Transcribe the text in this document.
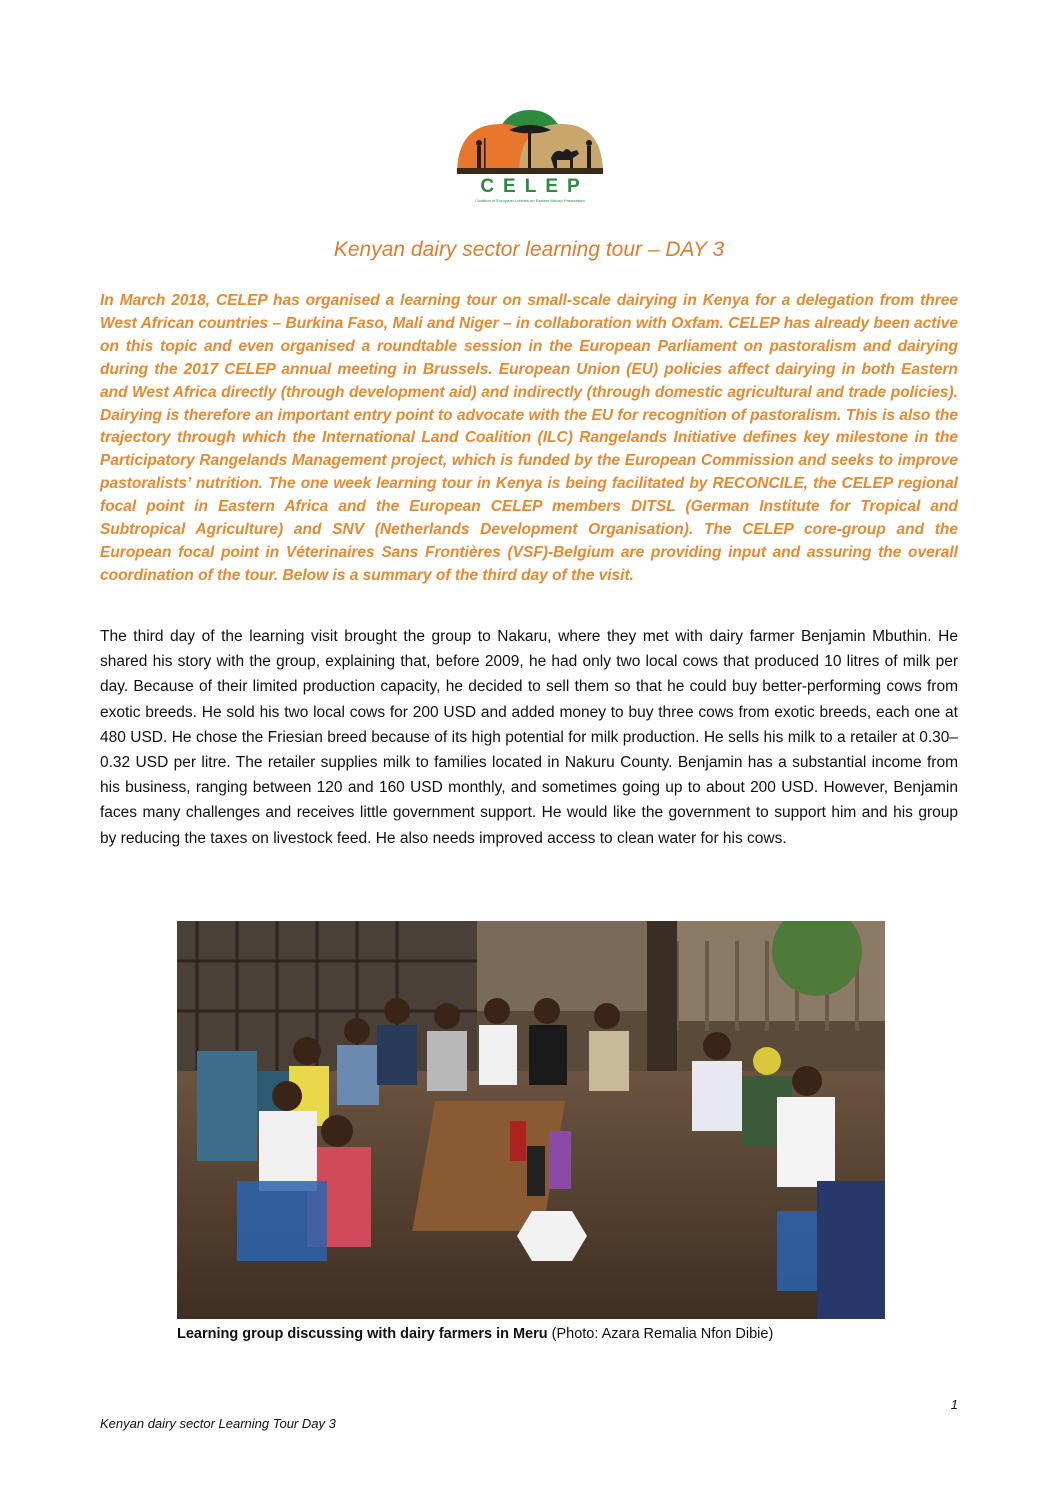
CELEP
Coalition of European Lobbies on Eastern African Pastoralism
Kenyan dairy sector learning tour – DAY 3

In March 2018, CELEP has organised a learning tour on small-scale dairying in Kenya for a delegation from three West African countries – Burkina Faso, Mali and Niger – in collaboration with Oxfam. CELEP has already been active on this topic and even organised a roundtable session in the European Parliament on pastoralism and dairying during the 2017 CELEP annual meeting in Brussels. European Union (EU) policies affect dairying in both Eastern and West Africa directly (through development aid) and indirectly (through domestic agricultural and trade policies). Dairying is therefore an important entry point to advocate with the EU for recognition of pastoralism. This is also the trajectory through which the International Land Coalition (ILC) Rangelands Initiative defines key milestone in the Participatory Rangelands Management project, which is funded by the European Commission and seeks to improve pastoralists’ nutrition. The one week learning tour in Kenya is being facilitated by RECONCILE, the CELEP regional focal point in Eastern Africa and the European CELEP members DITSL (German Institute for Tropical and Subtropical Agriculture) and SNV (Netherlands Development Organisation). The CELEP core-group and the European focal point in Véterinaires Sans Frontières (VSF)-Belgium are providing input and assuring the overall coordination of the tour. Below is a summary of the third day of the visit.

The third day of the learning visit brought the group to Nakaru, where they met with dairy farmer Benjamin Mbuthin. He shared his story with the group, explaining that, before 2009, he had only two local cows that produced 10 litres of milk per day. Because of their limited production capacity, he decided to sell them so that he could buy better-performing cows from exotic breeds. He sold his two local cows for 200 USD and added money to buy three cows from exotic breeds, each one at 480 USD. He chose the Friesian breed because of its high potential for milk production. He sells his milk to a retailer at 0.30–0.32 USD per litre. The retailer supplies milk to families located in Nakuru County. Benjamin has a substantial income from his business, ranging between 120 and 160 USD monthly, and sometimes going up to about 200 USD. However, Benjamin faces many challenges and receives little government support. He would like the government to support him and his group by reducing the taxes on livestock feed. He also needs improved access to clean water for his cows.

Learning group discussing with dairy farmers in Meru (Photo: Azara Remalia Nfon Dibie)
1
Kenyan dairy sector Learning Tour Day 3
